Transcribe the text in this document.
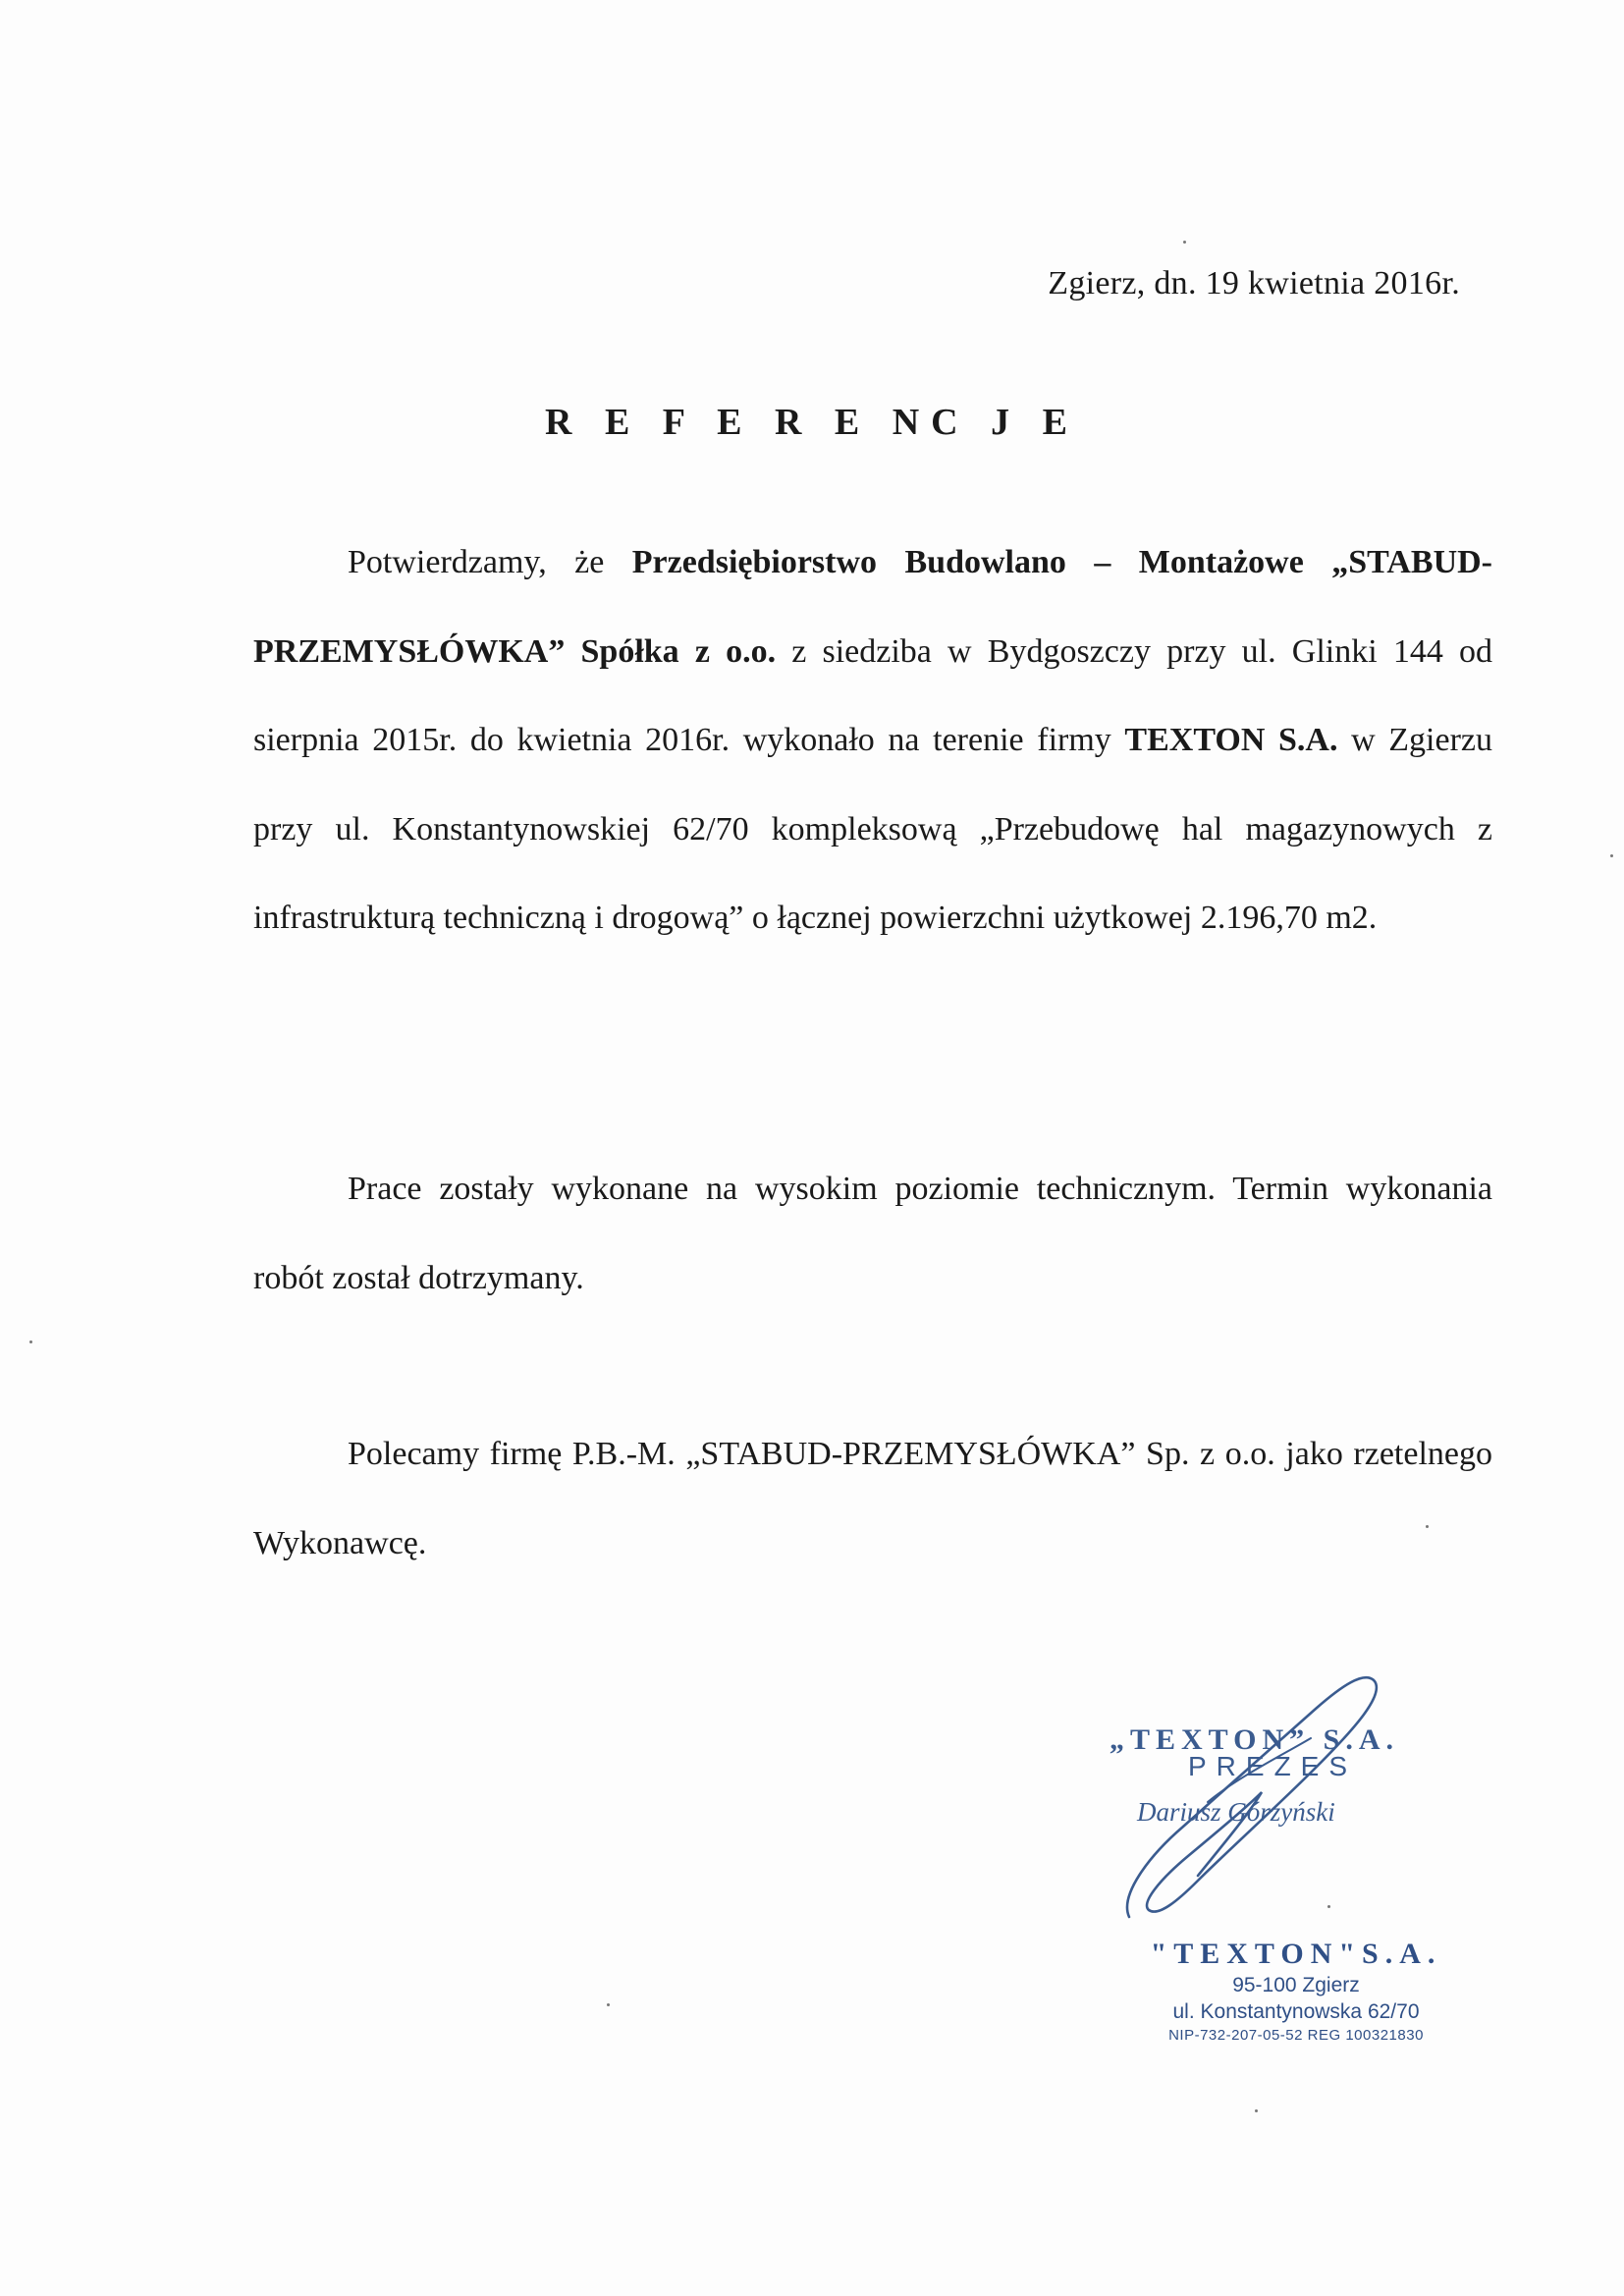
Zgierz, dn. 19 kwietnia 2016r.
R E F E R E NC J E
Potwierdzamy, że Przedsiębiorstwo Budowlano – Montażowe „STABUD-PRZEMYSŁÓWKA” Spółka z o.o. z siedziba w Bydgoszczy przy ul. Glinki 144 od sierpnia 2015r. do kwietnia 2016r. wykonało na terenie firmy TEXTON S.A. w Zgierzu przy ul. Konstantynowskiej 62/70 kompleksową „Przebudowę hal magazynowych z infrastrukturą techniczną i drogową” o łącznej powierzchni użytkowej 2.196,70 m2.
Prace zostały wykonane na wysokim poziomie technicznym. Termin wykonania robót został dotrzymany.
Polecamy firmę P.B.-M. „STABUD-PRZEMYSŁÓWKA” Sp. z o.o. jako rzetelnego Wykonawcę.
„TEXTON” S.A.
PREZES
Dariusz Górzyński
"TEXTON"S.A.
95-100 Zgierz
ul. Konstantynowska 62/70
NIP-732-207-05-52 REG 100321830
